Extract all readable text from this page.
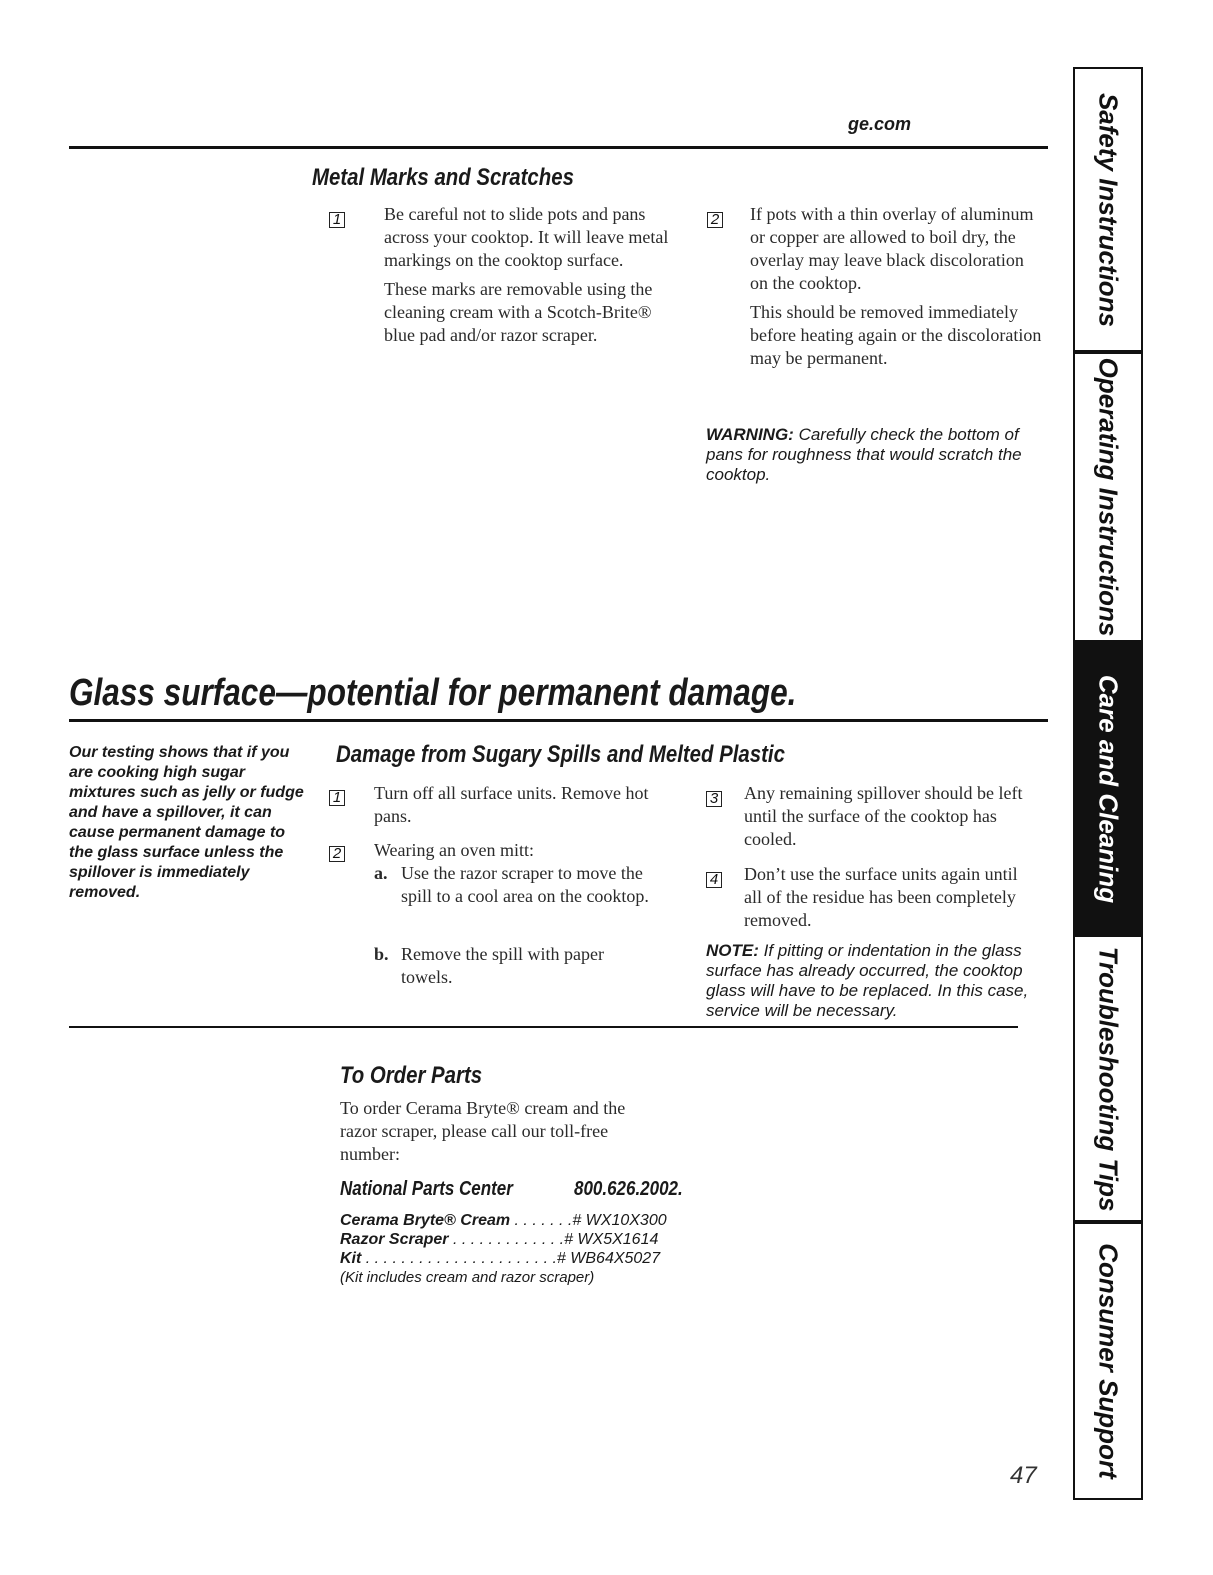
ge.com
Metal Marks and Scratches
1 Be careful not to slide pots and pans across your cooktop. It will leave metal markings on the cooktop surface.

These marks are removable using the cleaning cream with a Scotch-Brite® blue pad and/or razor scraper.

2 If pots with a thin overlay of aluminum or copper are allowed to boil dry, the overlay may leave black discoloration on the cooktop.

This should be removed immediately before heating again or the discoloration may be permanent.

WARNING: Carefully check the bottom of pans for roughness that would scratch the cooktop.
Glass surface—potential for permanent damage.
Our testing shows that if you are cooking high sugar mixtures such as jelly or fudge and have a spillover, it can cause permanent damage to the glass surface unless the spillover is immediately removed.
Damage from Sugary Spills and Melted Plastic
1 Turn off all surface units. Remove hot pans.
2 Wearing an oven mitt:
a. Use the razor scraper to move the spill to a cool area on the cooktop.
b. Remove the spill with paper towels.
3 Any remaining spillover should be left until the surface of the cooktop has cooled.
4 Don’t use the surface units again until all of the residue has been completely removed.
NOTE: If pitting or indentation in the glass surface has already occurred, the cooktop glass will have to be replaced. In this case, service will be necessary.
To Order Parts
To order Cerama Bryte® cream and the razor scraper, please call our toll-free number:
National Parts Center	800.626.2002.
Cerama Bryte® Cream . . . . . . .# WX10X300
Razor Scraper . . . . . . . . . . . . .# WX5X1614
Kit . . . . . . . . . . . . . . . . . . . . . .# WB64X5027
(Kit includes cream and razor scraper)
47
Safety Instructions
Operating Instructions
Care and Cleaning
Troubleshooting Tips
Consumer Support
